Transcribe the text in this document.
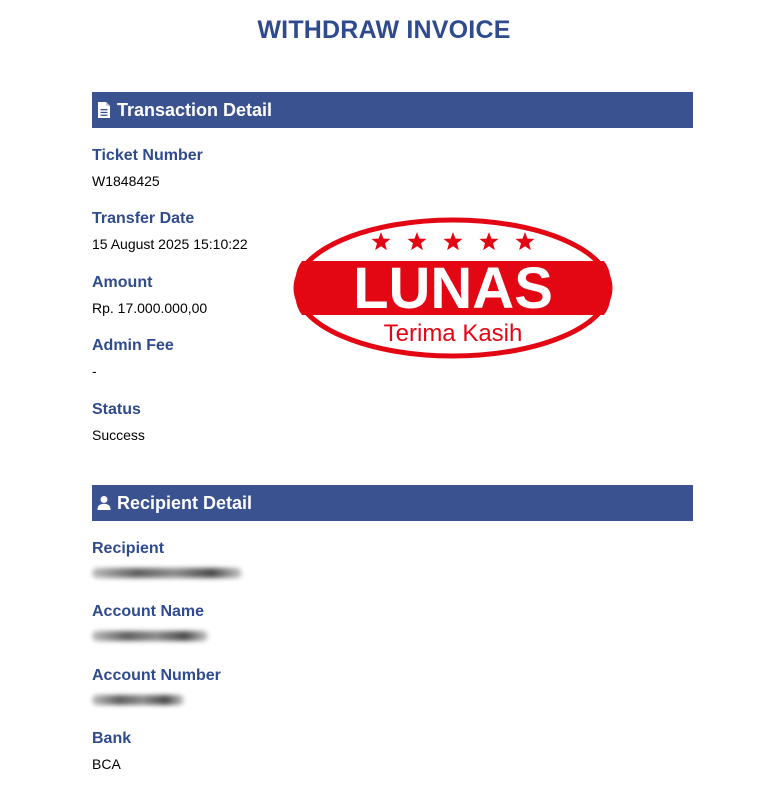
WITHDRAW INVOICE
Transaction Detail
Ticket Number
W1848425
Transfer Date
15 August 2025 15:10:22
Amount
Rp. 17.000.000,00
Admin Fee
-
Status
Success
LUNAS
Terima Kasih
Recipient Detail
Recipient
Account Name
Account Number
Bank
BCA
